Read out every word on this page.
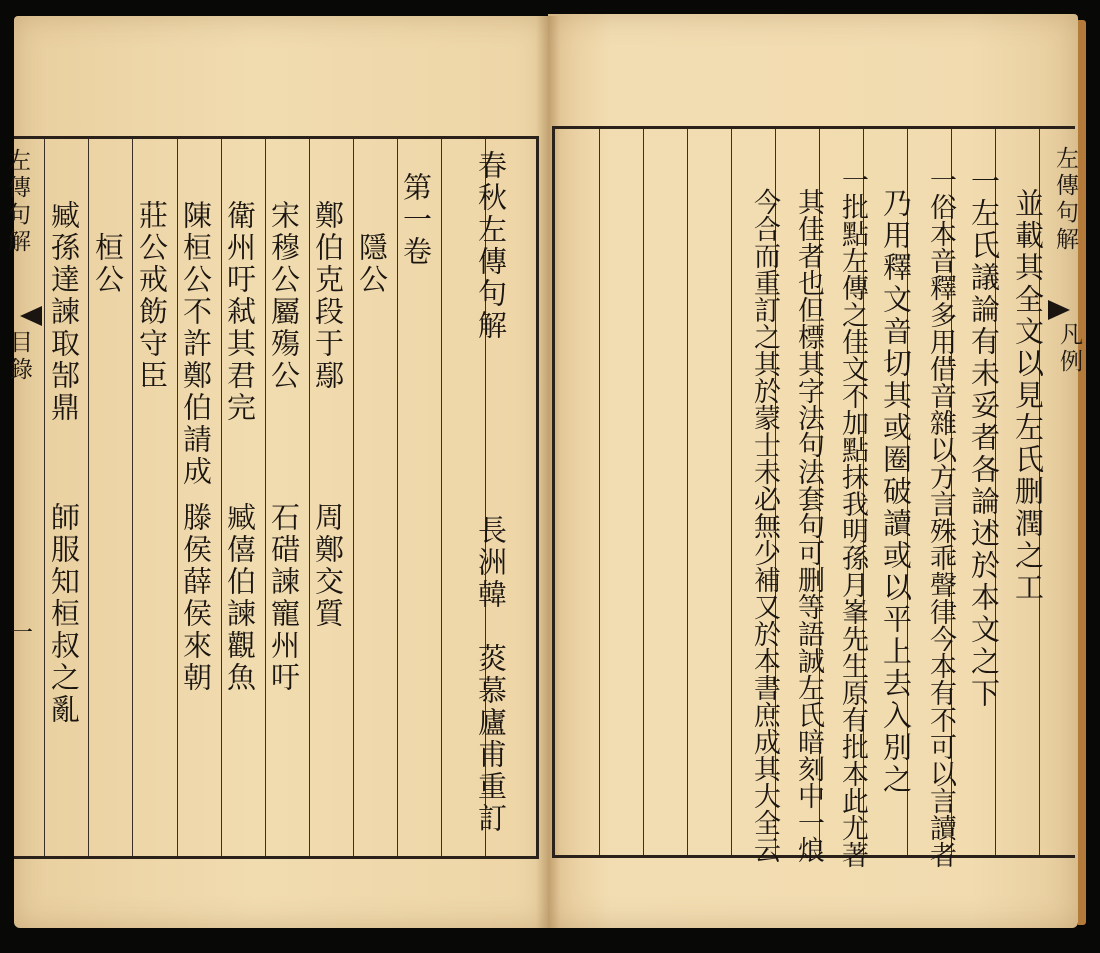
左傳句解
目錄
一
春秋左傳句解
長洲韓　菼慕廬甫重訂
第一卷
隱公
鄭伯克段于鄢
周鄭交質
宋穆公屬殤公
石碏諫寵州吁
衛州吁弒其君完
臧僖伯諫觀魚
陳桓公不許鄭伯請成
滕侯薛侯來朝
莊公戒飭守臣
桓公
臧孫達諫取郜鼎
師服知桓叔之亂
並載其全文以見左氏删潤之工
一左氏議論有未妥者各論述於本文之下
一俗本音釋多用借音雜以方言殊乖聲律今本有不可以言讀者
乃用釋文音切其或圈破讀或以平上去入別之
一批點左傳之佳文不加點抹我明孫月峯先生原有批本此尤著
其佳者也但標其字法句法套句可删等語誠左氏暗刻中一烺
今合而重訂之其於蒙士未必無少補又於本書庶成其大全云	左傳句解
凡例
